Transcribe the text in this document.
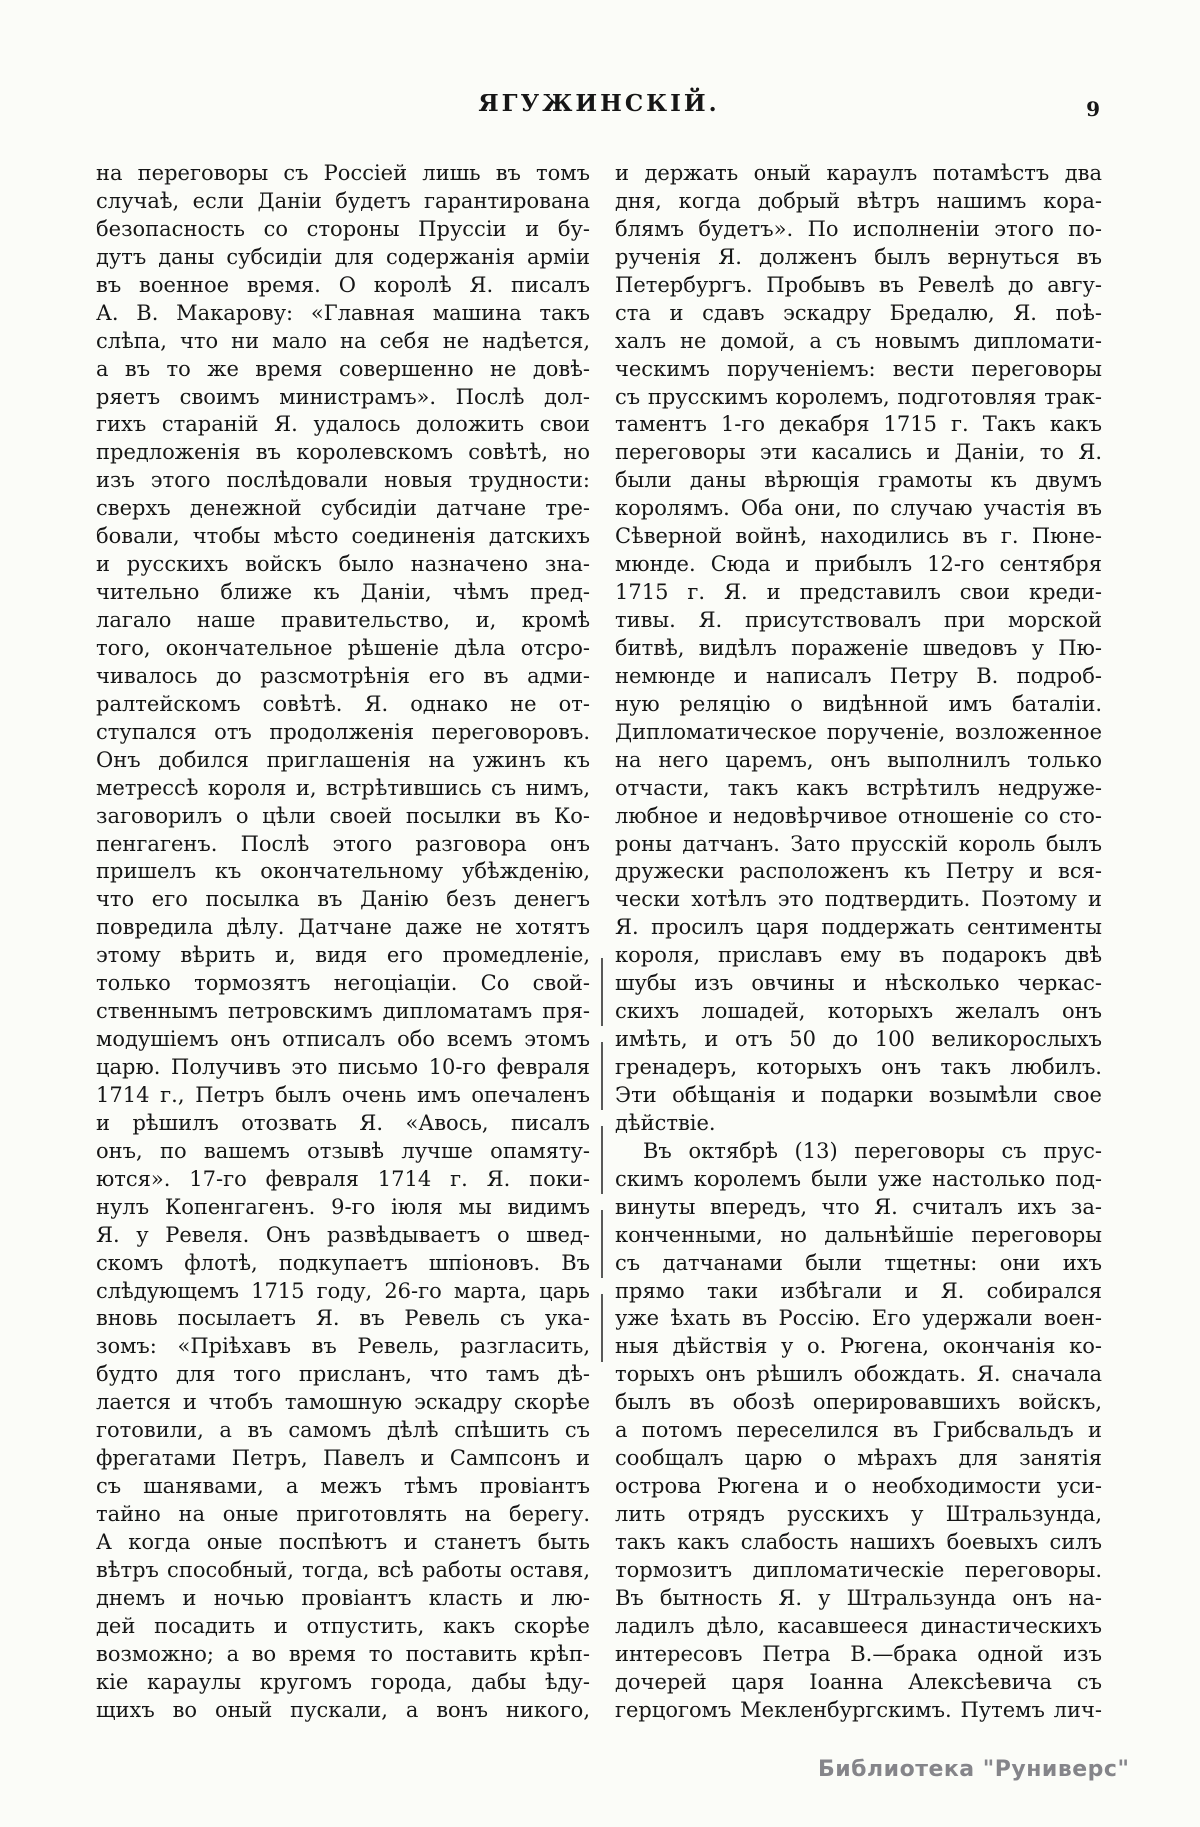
ЯГУЖИНСКІЙ.	9
на переговоры съ Россіей лишь въ томъ
случаѣ, если Даніи будетъ гарантирована
безопасность со стороны Пруссіи и бу-
дутъ даны субсидіи для содержанія арміи
въ военное время. О королѣ Я. писалъ
А. В. Макарову: «Главная машина такъ
слѣпа, что ни мало на себя не надѣется,
а въ то же время совершенно не довѣ-
ряетъ своимъ министрамъ». Послѣ дол-
гихъ стараній Я. удалось доложить свои
предложенія въ королевскомъ совѣтѣ, но
изъ этого послѣдовали новыя трудности:
сверхъ денежной субсидіи датчане тре-
бовали, чтобы мѣсто соединенія датскихъ
и русскихъ войскъ было назначено зна-
чительно ближе къ Даніи, чѣмъ пред-
лагало наше правительство, и, кромѣ
того, окончательное рѣшеніе дѣла отсро-
чивалось до разсмотрѣнія его въ адми-
ралтейскомъ совѣтѣ. Я. однако не от-
ступался отъ продолженія переговоровъ.
Онъ добился приглашенія на ужинъ къ
метрессѣ короля и, встрѣтившись съ нимъ,
заговорилъ о цѣли своей посылки въ Ко-
пенгагенъ. Послѣ этого разговора онъ
пришелъ къ окончательному убѣжденію,
что его посылка въ Данію безъ денегъ
повредила дѣлу. Датчане даже не хотятъ
этому вѣрить и, видя его промедленіе,
только тормозятъ негоціаціи. Со свой-
ственнымъ петровскимъ дипломатамъ пря-
модушіемъ онъ отписалъ обо всемъ этомъ
царю. Получивъ это письмо 10-го февраля
1714 г., Петръ былъ очень имъ опечаленъ
и рѣшилъ отозвать Я. «Авось, писалъ
онъ, по вашемъ отзывѣ лучше опамяту-
ются». 17-го февраля 1714 г. Я. поки-
нулъ Копенгагенъ. 9-го іюля мы видимъ
Я. у Ревеля. Онъ развѣдываетъ о швед-
скомъ флотѣ, подкупаетъ шпіоновъ. Въ
слѣдующемъ 1715 году, 26-го марта, царь
вновь посылаетъ Я. въ Ревель съ ука-
зомъ: «Пріѣхавъ въ Ревель, разгласить,
будто для того присланъ, что тамъ дѣ-
лается и чтобъ тамошную эскадру скорѣе
готовили, а въ самомъ дѣлѣ спѣшить съ
фрегатами Петръ, Павелъ и Сампсонъ и
съ шанявами, а межъ тѣмъ провіантъ
тайно на оные приготовлять на берегу.
А когда оные поспѣютъ и станетъ быть
вѣтръ способный, тогда, всѣ работы оставя,
днемъ и ночью провіантъ класть и лю-
дей посадить и отпустить, какъ скорѣе
возможно; а во время то поставить крѣп-
кіе караулы кругомъ города, дабы ѣду-
щихъ во оный пускали, а вонъ никого,
и держать оный караулъ потамѣстъ два
дня, когда добрый вѣтръ нашимъ кора-
блямъ будетъ». По исполненіи этого по-
рученія Я. долженъ былъ вернуться въ
Петербургъ. Пробывъ въ Ревелѣ до авгу-
ста и сдавъ эскадру Бредалю, Я. поѣ-
халъ не домой, а съ новымъ дипломати-
ческимъ порученіемъ: вести переговоры
съ прусскимъ королемъ, подготовляя трак-
таментъ 1-го декабря 1715 г. Такъ какъ
переговоры эти касались и Даніи, то Я.
были даны вѣрющія грамоты къ двумъ
королямъ. Оба они, по случаю участія въ
Сѣверной войнѣ, находились въ г. Пюне-
мюнде. Сюда и прибылъ 12-го сентября
1715 г. Я. и представилъ свои креди-
тивы. Я. присутствовалъ при морской
битвѣ, видѣлъ пораженіе шведовъ у Пю-
немюнде и написалъ Петру В. подроб-
ную реляцію о видѣнной имъ баталіи.
Дипломатическое порученіе, возложенное
на него царемъ, онъ выполнилъ только
отчасти, такъ какъ встрѣтилъ недруже-
любное и недовѣрчивое отношеніе со сто-
роны датчанъ. Зато прусскій король былъ
дружески расположенъ къ Петру и вся-
чески хотѣлъ это подтвердить. Поэтому и
Я. просилъ царя поддержать сентименты
короля, приславъ ему въ подарокъ двѣ
шубы изъ овчины и нѣсколько черкас-
скихъ лошадей, которыхъ желалъ онъ
имѣть, и отъ 50 до 100 великорослыхъ
гренадеръ, которыхъ онъ такъ любилъ.
Эти обѣщанія и подарки возымѣли свое
дѣйствіе.
Въ октябрѣ (13) переговоры съ прус-
скимъ королемъ были уже настолько под-
винуты впередъ, что Я. считалъ ихъ за-
конченными, но дальнѣйшіе переговоры
съ датчанами были тщетны: они ихъ
прямо таки избѣгали и Я. собирался
уже ѣхать въ Россію. Его удержали воен-
ныя дѣйствія у о. Рюгена, окончанія ко-
торыхъ онъ рѣшилъ обождать. Я. сначала
былъ въ обозѣ оперировавшихъ войскъ,
а потомъ переселился въ Грибсвальдъ и
сообщалъ царю о мѣрахъ для занятія
острова Рюгена и о необходимости уси-
лить отрядъ русскихъ у Штральзунда,
такъ какъ слабость нашихъ боевыхъ силъ
тормозитъ дипломатическіе переговоры.
Въ бытность Я. у Штральзунда онъ на-
ладилъ дѣло, касавшееся династическихъ
интересовъ Петра В.—брака одной изъ
дочерей царя Іоанна Алексѣевича съ
герцогомъ Мекленбургскимъ. Путемъ лич-
Библиотека "Руниверс"
